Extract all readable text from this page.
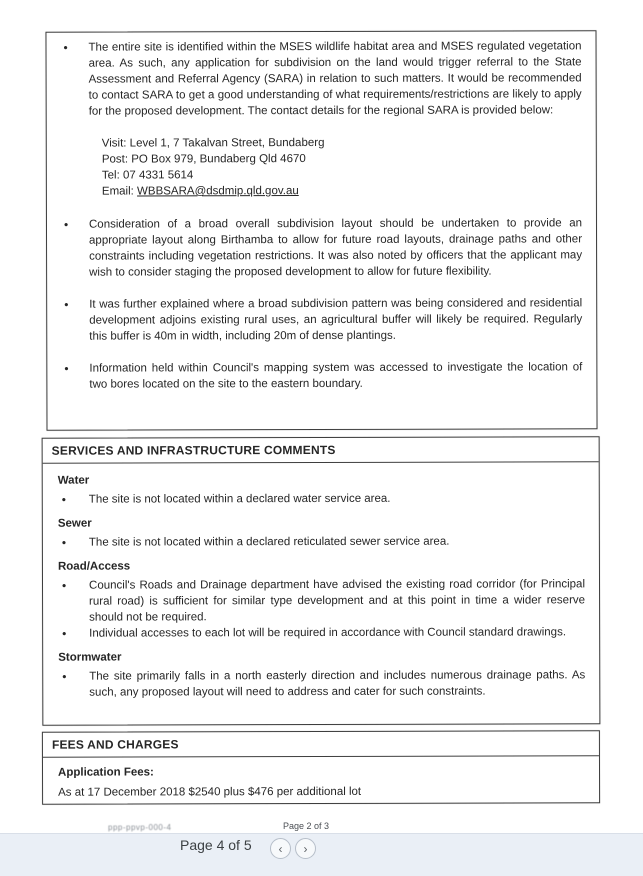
•
The entire site is identified within the MSES wildlife habitat area and MSES regulated vegetation area. As such, any application for subdivision on the land would trigger referral to the State Assessment and Referral Agency (SARA) in relation to such matters. It would be recommended to contact SARA to get a good understanding of what requirements/restrictions are likely to apply for the proposed development. The contact details for the regional SARA is provided below:
Visit: Level 1, 7 Takalvan Street, Bundaberg
Post: PO Box 979, Bundaberg Qld 4670
Tel: 07 4331 5614
Email: WBBSARA@dsdmip.qld.gov.au
•
Consideration of a broad overall subdivision layout should be undertaken to provide an appropriate layout along Birthamba to allow for future road layouts, drainage paths and other constraints including vegetation restrictions. It was also noted by officers that the applicant may wish to consider staging the proposed development to allow for future flexibility.
•
It was further explained where a broad subdivision pattern was being considered and residential development adjoins existing rural uses, an agricultural buffer will likely be required. Regularly this buffer is 40m in width, including 20m of dense plantings.
•
Information held within Council's mapping system was accessed to investigate the location of two bores located on the site to the eastern boundary.
SERVICES AND INFRASTRUCTURE COMMENTS
Water
•
The site is not located within a declared water service area.
Sewer
•
The site is not located within a declared reticulated sewer service area.
Road/Access
•
Council's Roads and Drainage department have advised the existing road corridor (for Principal rural road) is sufficient for similar type development and at this point in time a wider reserve should not be required.
•
Individual accesses to each lot will be required in accordance with Council standard drawings.
Stormwater
•
The site primarily falls in a north easterly direction and includes numerous drainage paths. As such, any proposed layout will need to address and cater for such constraints.
FEES AND CHARGES
Application Fees:
As at 17 December 2018 $2540 plus $476 per additional lot
ppp-ppvp-000-4	Page 2 of 3
Page 4 of 5	‹	›
